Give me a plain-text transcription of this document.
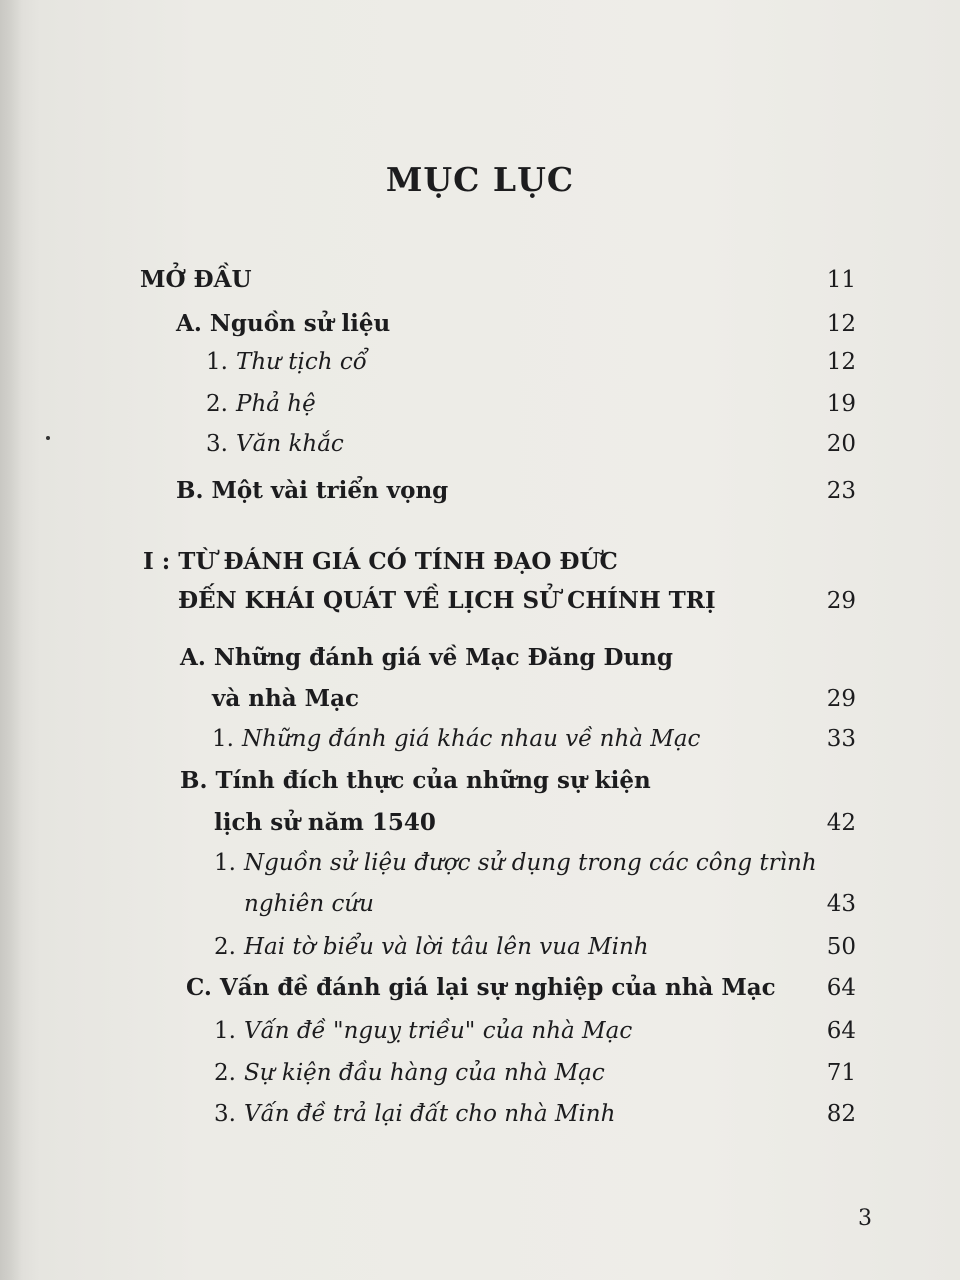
MỤC LỤC
MỞ ĐẦU	11
A. Nguồn sử liệu	12
1. Thư tịch cổ	12
2. Phả hệ	19
3. Văn khắc	20
B. Một vài triển vọng	23
I : TỪ ĐÁNH GIÁ CÓ TÍNH ĐẠO ĐỨC
ĐẾN KHÁI QUÁT VỀ LỊCH SỬ CHÍNH TRỊ	29
A. Những đánh giá về Mạc Đăng Dung
và nhà Mạc	29
1. Những đánh giá khác nhau về nhà Mạc	33
B. Tính đích thực của những sự kiện
lịch sử năm 1540	42
1. Nguồn sử liệu được sử dụng trong các công trình
nghiên cứu	43
2. Hai tờ biểu và lời tâu lên vua Minh	50
C. Vấn đề đánh giá lại sự nghiệp của nhà Mạc 64
1. Vấn đề "nguỵ triều" của nhà Mạc	64
2. Sự kiện đầu hàng của nhà Mạc	71
3. Vấn đề trả lại đất cho nhà Minh	82
3
